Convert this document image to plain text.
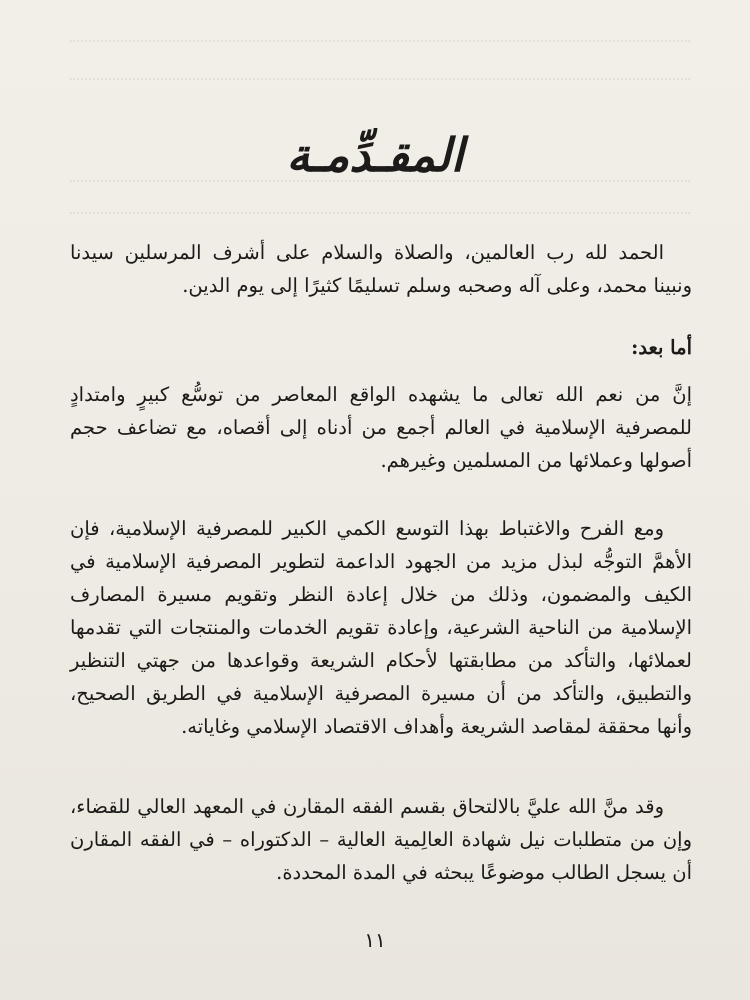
المقـدِّمـة

الحمد لله رب العالمين، والصلاة والسلام على أشرف المرسلين سيدنا ونبينا محمد، وعلى آله وصحبه وسلم تسليمًا كثيرًا إلى يوم الدين.

أما بعد:

إنَّ من نعم الله تعالى ما يشهده الواقع المعاصر من توسُّع كبيرٍ وامتدادٍ للمصرفية الإسلامية في العالم أجمع من أدناه إلى أقصاه، مع تضاعف حجم أصولها وعملائها من المسلمين وغيرهم.

ومع الفرح والاغتباط بهذا التوسع الكمي الكبير للمصرفية الإسلامية، فإن الأهمَّ التوجُّه لبذل مزيد من الجهود الداعمة لتطوير المصرفية الإسلامية في الكيف والمضمون، وذلك من خلال إعادة النظر وتقويم مسيرة المصارف الإسلامية من الناحية الشرعية، وإعادة تقويم الخدمات والمنتجات التي تقدمها لعملائها، والتأكد من مطابقتها لأحكام الشريعة وقواعدها من جهتي التنظير والتطبيق، والتأكد من أن مسيرة المصرفية الإسلامية في الطريق الصحيح، وأنها محققة لمقاصد الشريعة وأهداف الاقتصاد الإسلامي وغاياته.

وقد منَّ الله عليَّ بالالتحاق بقسم الفقه المقارن في المعهد العالي للقضاء، وإن من متطلبات نيل شهادة العالِمية العالية – الدكتوراه – في الفقه المقارن أن يسجل الطالب موضوعًا يبحثه في المدة المحددة.

١١
